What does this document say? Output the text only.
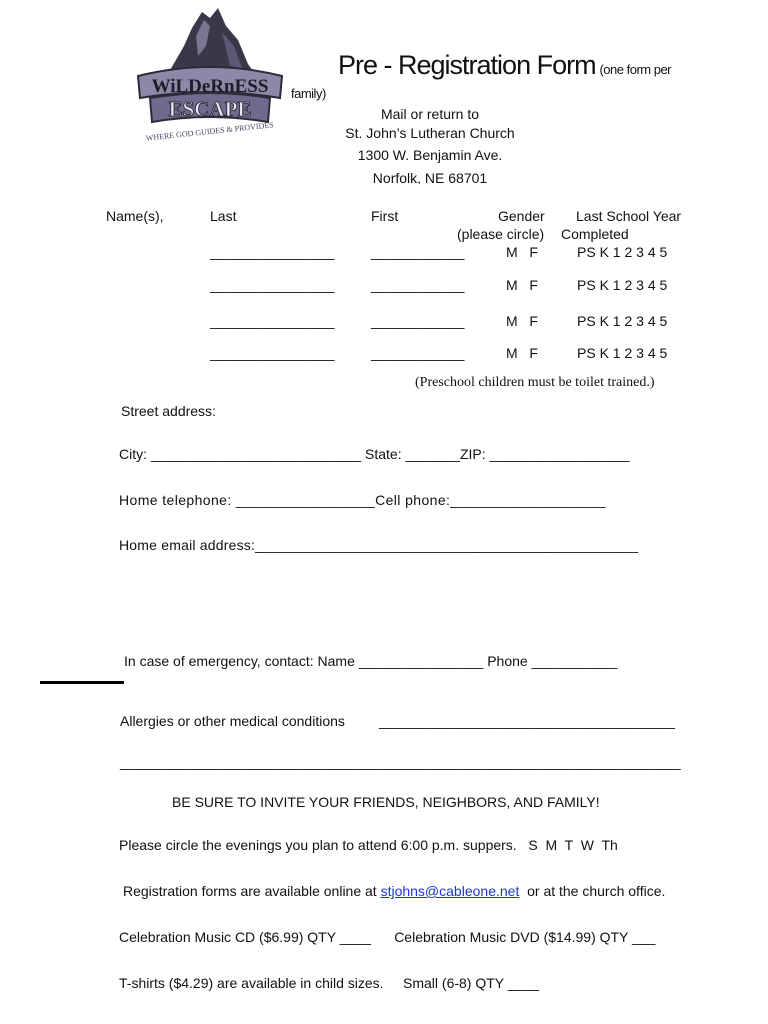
WiLDeRnESS
ESCAPE
WHERE GOD GUIDES & PROVIDES
Pre - Registration Form (one form per
family)
Mail or return to
St. John’s Lutheran Church
1300 W. Benjamin Ave.
Norfolk, NE 68701
Name(s),	Last	First	Gender
(please circle)
Last School Year
Completed
________________	____________	M   F	PS K 1 2 3 4 5
________________	____________	M   F	PS K 1 2 3 4 5
________________	____________	M   F	PS K 1 2 3 4 5
________________	____________	M   F	PS K 1 2 3 4 5
(Preschool children must be toilet trained.)
Street address:
City: ___________________________ State: _______ZIP: __________________
Home telephone: _________________Cell phone:___________________
Home email address:________________________________________________
In case of emergency, contact: Name ________________ Phone ___________
Allergies or other medical conditions ______________________________________
________________________________________________________________________
BE SURE TO INVITE YOUR FRIENDS, NEIGHBORS, AND FAMILY!
Please circle the evenings you plan to attend 6:00 p.m. suppers.   S  M  T  W  Th
Registration forms are available online at stjohns@cableone.net  or at the church office.
Celebration Music CD ($6.99) QTY ____      Celebration Music DVD ($14.99) QTY ___
T-shirts ($4.29) are available in child sizes.     Small (6-8) QTY ____
